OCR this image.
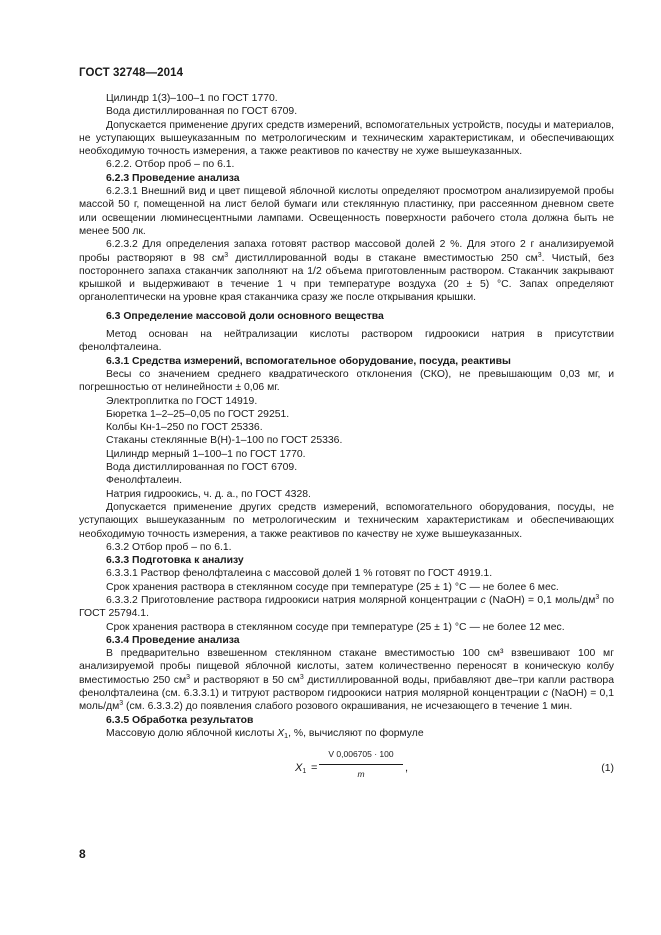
ГОСТ 32748—2014

Цилиндр 1(3)–100–1 по ГОСТ 1770.

Вода дистиллированная по ГОСТ 6709.

Допускается применение других средств измерений, вспомогательных устройств, посуды и материалов, не уступающих вышеуказанным по метрологическим и техническим характеристикам, и обеспечивающих необходимую точность измерения, а также реактивов по качеству не хуже вышеуказанных.

6.2.2. Отбор проб – по 6.1.

6.2.3 Проведение анализа

6.2.3.1 Внешний вид и цвет пищевой яблочной кислоты определяют просмотром анализируемой пробы массой 50 г, помещенной на лист белой бумаги или стеклянную пластинку, при рассеянном дневном свете или освещении люминесцентными лампами. Освещенность поверхности рабочего стола должна быть не менее 500 лк.

6.2.3.2 Для определения запаха готовят раствор массовой долей 2 %. Для этого 2 г анализируемой пробы растворяют в 98 $см^3$ дистиллированной воды в стакане вместимостью 250 $см^3$. Чистый, без постороннего запаха стаканчик заполняют на 1/2 объема приготовленным раствором. Стаканчик закрывают крышкой и выдерживают в течение 1 ч при температуре воздуха (20 ± 5) °С. Запах определяют органолептически на уровне края стаканчика сразу же после открывания крышки.

6.3 Определение массовой доли основного вещества

Метод основан на нейтрализации кислоты раствором гидроокиси натрия в присутствии фенолфталеина.

6.3.1 Средства измерений, вспомогательное оборудование, посуда, реактивы

Весы со значением среднего квадратического отклонения (СКО), не превышающим 0,03 мг, и погрешностью от нелинейности ± 0,06 мг.

Электроплитка по ГОСТ 14919.

Бюретка 1–2–25–0,05 по ГОСТ 29251.

Колбы Кн-1–250 по ГОСТ 25336.

Стаканы стеклянные В(Н)-1–100 по ГОСТ 25336.

Цилиндр мерный 1–100–1 по ГОСТ 1770.

Вода дистиллированная по ГОСТ 6709.

Фенолфталеин.

Натрия гидроокись, ч. д. а., по ГОСТ 4328.

Допускается применение других средств измерений, вспомогательного оборудования, посуды, не уступающих вышеуказанным по метрологическим и техническим характеристикам и обеспечивающих необходимую точность измерения, а также реактивов по качеству не хуже вышеуказанных.

6.3.2 Отбор проб – по 6.1.

6.3.3 Подготовка к анализу

6.3.3.1 Раствор фенолфталеина с массовой долей 1 % готовят по ГОСТ 4919.1.

Срок хранения раствора в стеклянном сосуде при температуре (25 ± 1) °С — не более 6 мес.

6.3.3.2 Приготовление раствора гидроокиси натрия молярной концентрации c (NaOH) = 0,1 моль/$дм^3$ по ГОСТ 25794.1.

Срок хранения раствора в стеклянном сосуде при температуре (25 ± 1) °С — не более 12 мес.

6.3.4 Проведение анализа

В предварительно взвешенном стеклянном стакане вместимостью 100 см³ взвешивают 100 мг анализируемой пробы пищевой яблочной кислоты, затем количественно переносят в коническую колбу вместимостью 250 $см^3$ и растворяют в 50 $см^3$ дистиллированной воды, прибавляют две–три капли раствора фенолфталеина (см. 6.3.3.1) и титруют раствором гидроокиси натрия молярной концентрации c (NaOH) = 0,1 моль/$дм^3$ (см. 6.3.3.2) до появления слабого розового окрашивания, не исчезающего в течение 1 мин.

6.3.5 Обработка результатов

Массовую долю яблочной кислоты $X_1$, %, вычисляют по формуле

$X_1 = \frac{V 0,006705 \cdot 100}{m}$ ,	(1)
8
